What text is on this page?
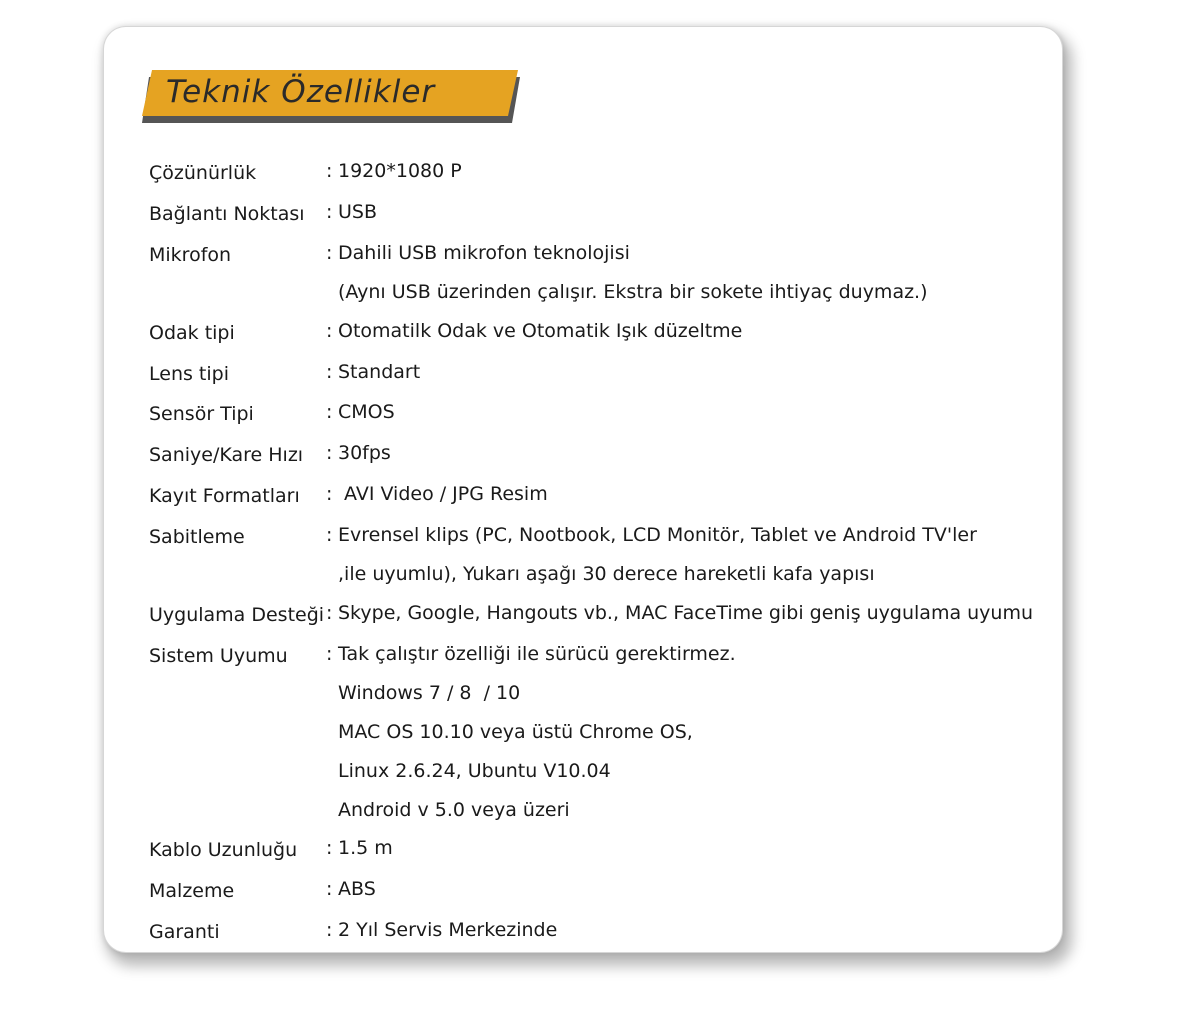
Teknik Özellikler
Çözünürlük	: 1920*1080 P
Bağlantı Noktası	: USB
Mikrofon	: Dahili USB mikrofon teknolojisi
(Aynı USB üzerinden çalışır. Ekstra bir sokete ihtiyaç duymaz.)
Odak tipi	: Otomatilk Odak ve Otomatik Işık düzeltme
Lens tipi	: Standart
Sensör Tipi	: CMOS
Saniye/Kare Hızı	: 30fps
Kayıt Formatları	: AVI Video / JPG Resim
Sabitleme	: Evrensel klips (PC, Nootbook, LCD Monitör, Tablet ve Android TV'ler
,ile uyumlu), Yukarı aşağı 30 derece hareketli kafa yapısı
Uygulama Desteği : Skype, Google, Hangouts vb., MAC FaceTime gibi geniş uygulama uyumu
Sistem Uyumu	: Tak çalıştır özelliği ile sürücü gerektirmez.
Windows 7 / 8  / 10
MAC OS 10.10 veya üstü Chrome OS,
Linux 2.6.24, Ubuntu V10.04
Android v 5.0 veya üzeri
Kablo Uzunluğu	: 1.5 m
Malzeme	: ABS
Garanti	: 2 Yıl Servis Merkezinde
